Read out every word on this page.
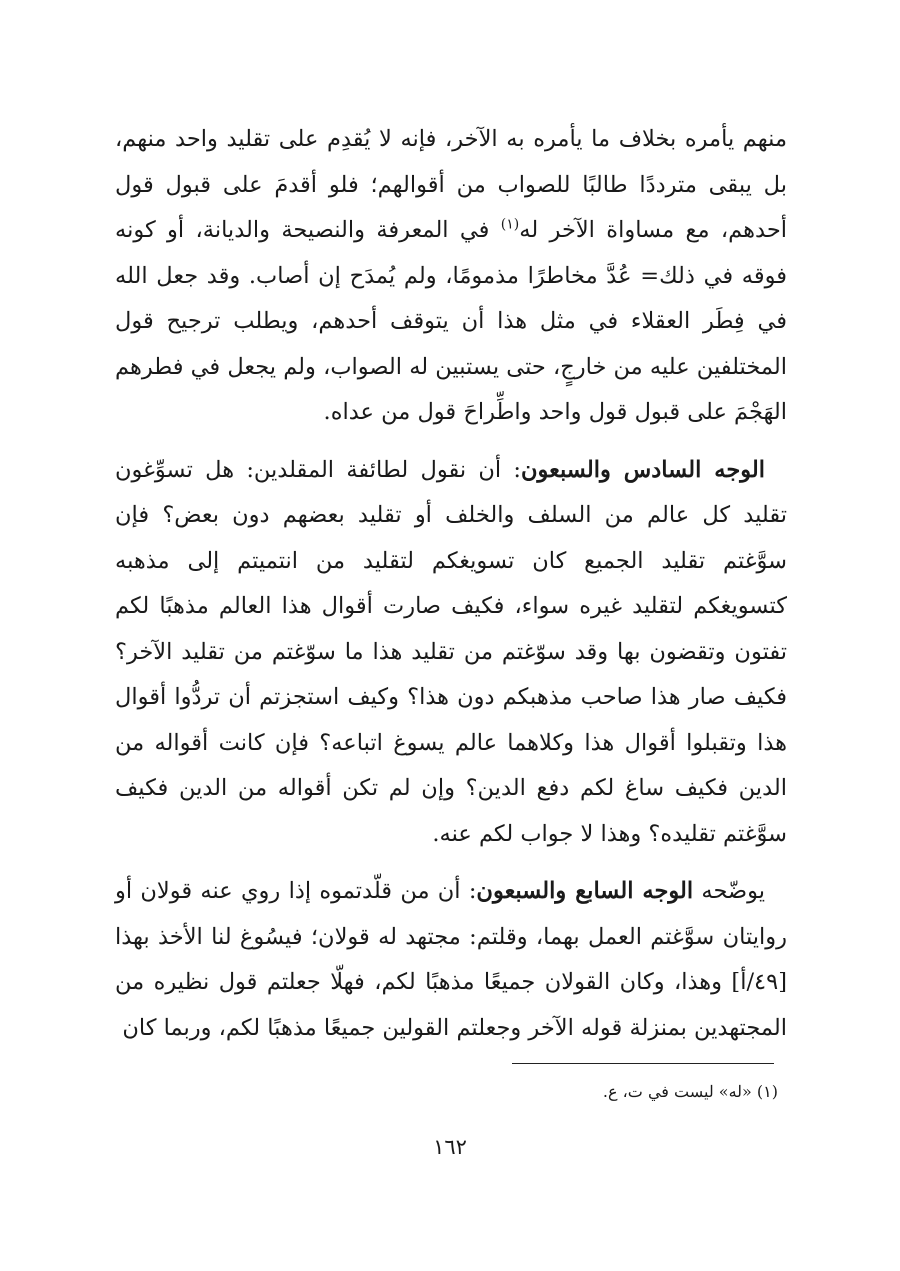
منهم يأمره بخلاف ما يأمره به الآخر، فإنه لا يُقدِم على تقليد واحد منهم، بل يبقى مترددًا طالبًا للصواب من أقوالهم؛ فلو أقدمَ على قبول قول أحدهم، مع مساواة الآخر له$^{(١)}$ في المعرفة والنصيحة والديانة، أو كونه فوقه في ذلك= عُدَّ مخاطرًا مذمومًا، ولم يُمدَح إن أصاب. وقد جعل الله في فِطَر العقلاء في مثل هذا أن يتوقف أحدهم، ويطلب ترجيح قول المختلفين عليه من خارجٍ، حتى يستبين له الصواب، ولم يجعل في فطرهم الهَجْمَ على قبول قول واحد واطِّراحَ قول من عداه.

الوجه السادس والسبعون: أن نقول لطائفة المقلدين: هل تسوِّغون تقليد كل عالم من السلف والخلف أو تقليد بعضهم دون بعض؟ فإن سوَّغتم تقليد الجميع كان تسويغكم لتقليد من انتميتم إلى مذهبه كتسويغكم لتقليد غيره سواء، فكيف صارت أقوال هذا العالم مذهبًا لكم تفتون وتقضون بها وقد سوّغتم من تقليد هذا ما سوّغتم من تقليد الآخر؟ فكيف صار هذا صاحب مذهبكم دون هذا؟ وكيف استجزتم أن تردُّوا أقوال هذا وتقبلوا أقوال هذا وكلاهما عالم يسوغ اتباعه؟ فإن كانت أقواله من الدين فكيف ساغ لكم دفع الدين؟ وإن لم تكن أقواله من الدين فكيف سوَّغتم تقليده؟ وهذا لا جواب لكم عنه.

يوضّحه الوجه السابع والسبعون: أن من قلّدتموه إذا روي عنه قولان أو روايتان سوَّغتم العمل بهما، وقلتم: مجتهد له قولان؛ فيسُوغ لنا الأخذ بهذا [٤٩/أ] وهذا، وكان القولان جميعًا مذهبًا لكم، فهلّا جعلتم قول نظيره من المجتهدين بمنزلة قوله الآخر وجعلتم القولين جميعًا مذهبًا لكم، وربما كان

(١) «له» ليست في ت، ع.
١٦٢
